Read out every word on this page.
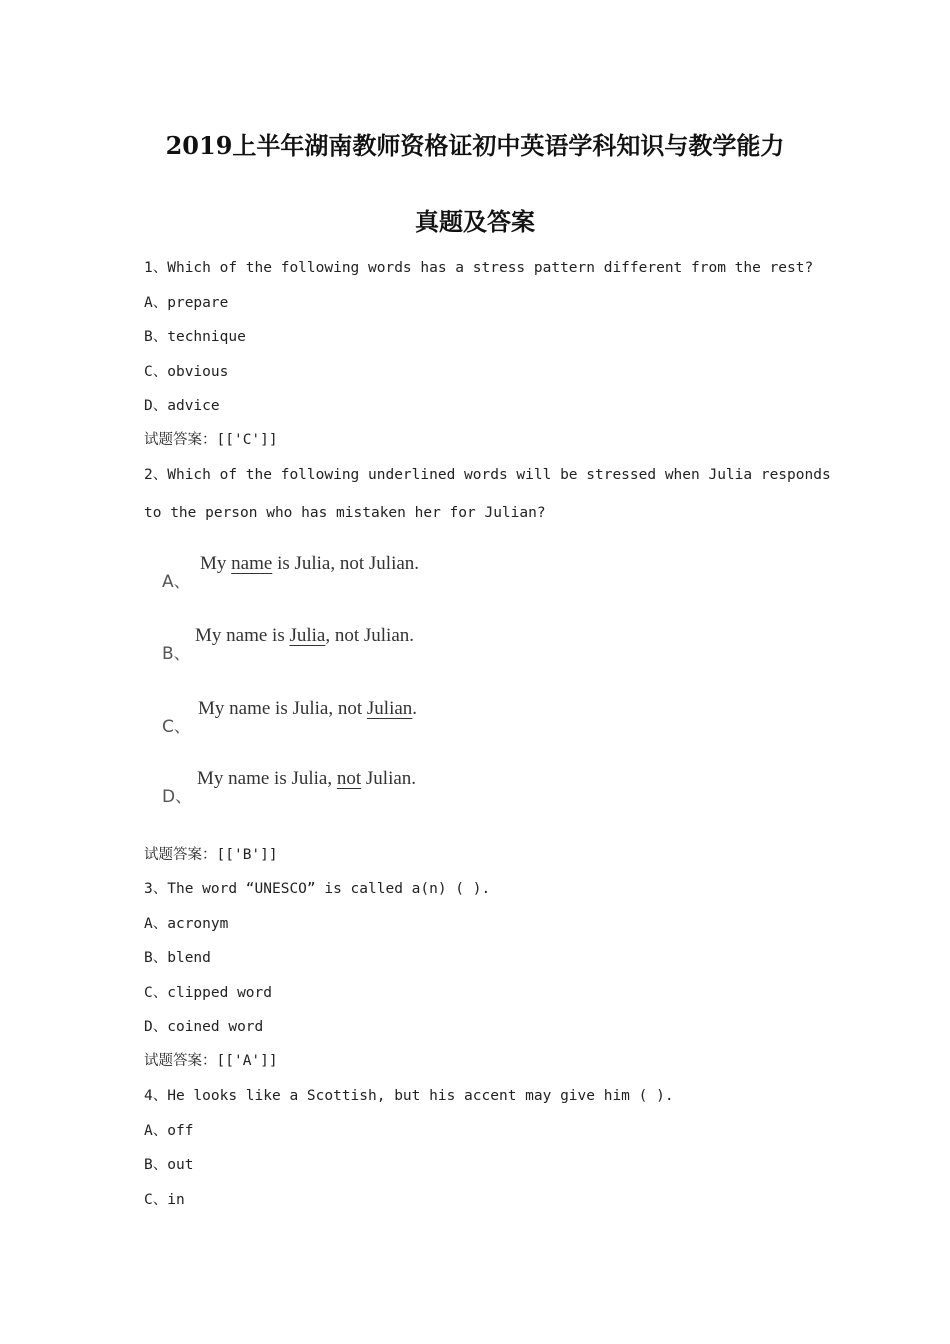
2019上半年湖南教师资格证初中英语学科知识与教学能力
真题及答案
1、Which of the following words has a stress pattern different from the rest?
A、prepare
B、technique
C、obvious
D、advice
试题答案：[['C']]
2、Which of the following underlined words will be stressed when Julia responds
to the person who has mistaken her for Julian?
A、
My name is Julia, not Julian.
B、
My name is Julia, not Julian.
C、
My name is Julia, not Julian.
D、
My name is Julia, not Julian.
试题答案：[['B']]
3、The word “UNESCO” is called a(n) ( ).
A、acronym
B、blend
C、clipped word
D、coined word
试题答案：[['A']]
4、He looks like a Scottish, but his accent may give him ( ).
A、off
B、out
C、in
